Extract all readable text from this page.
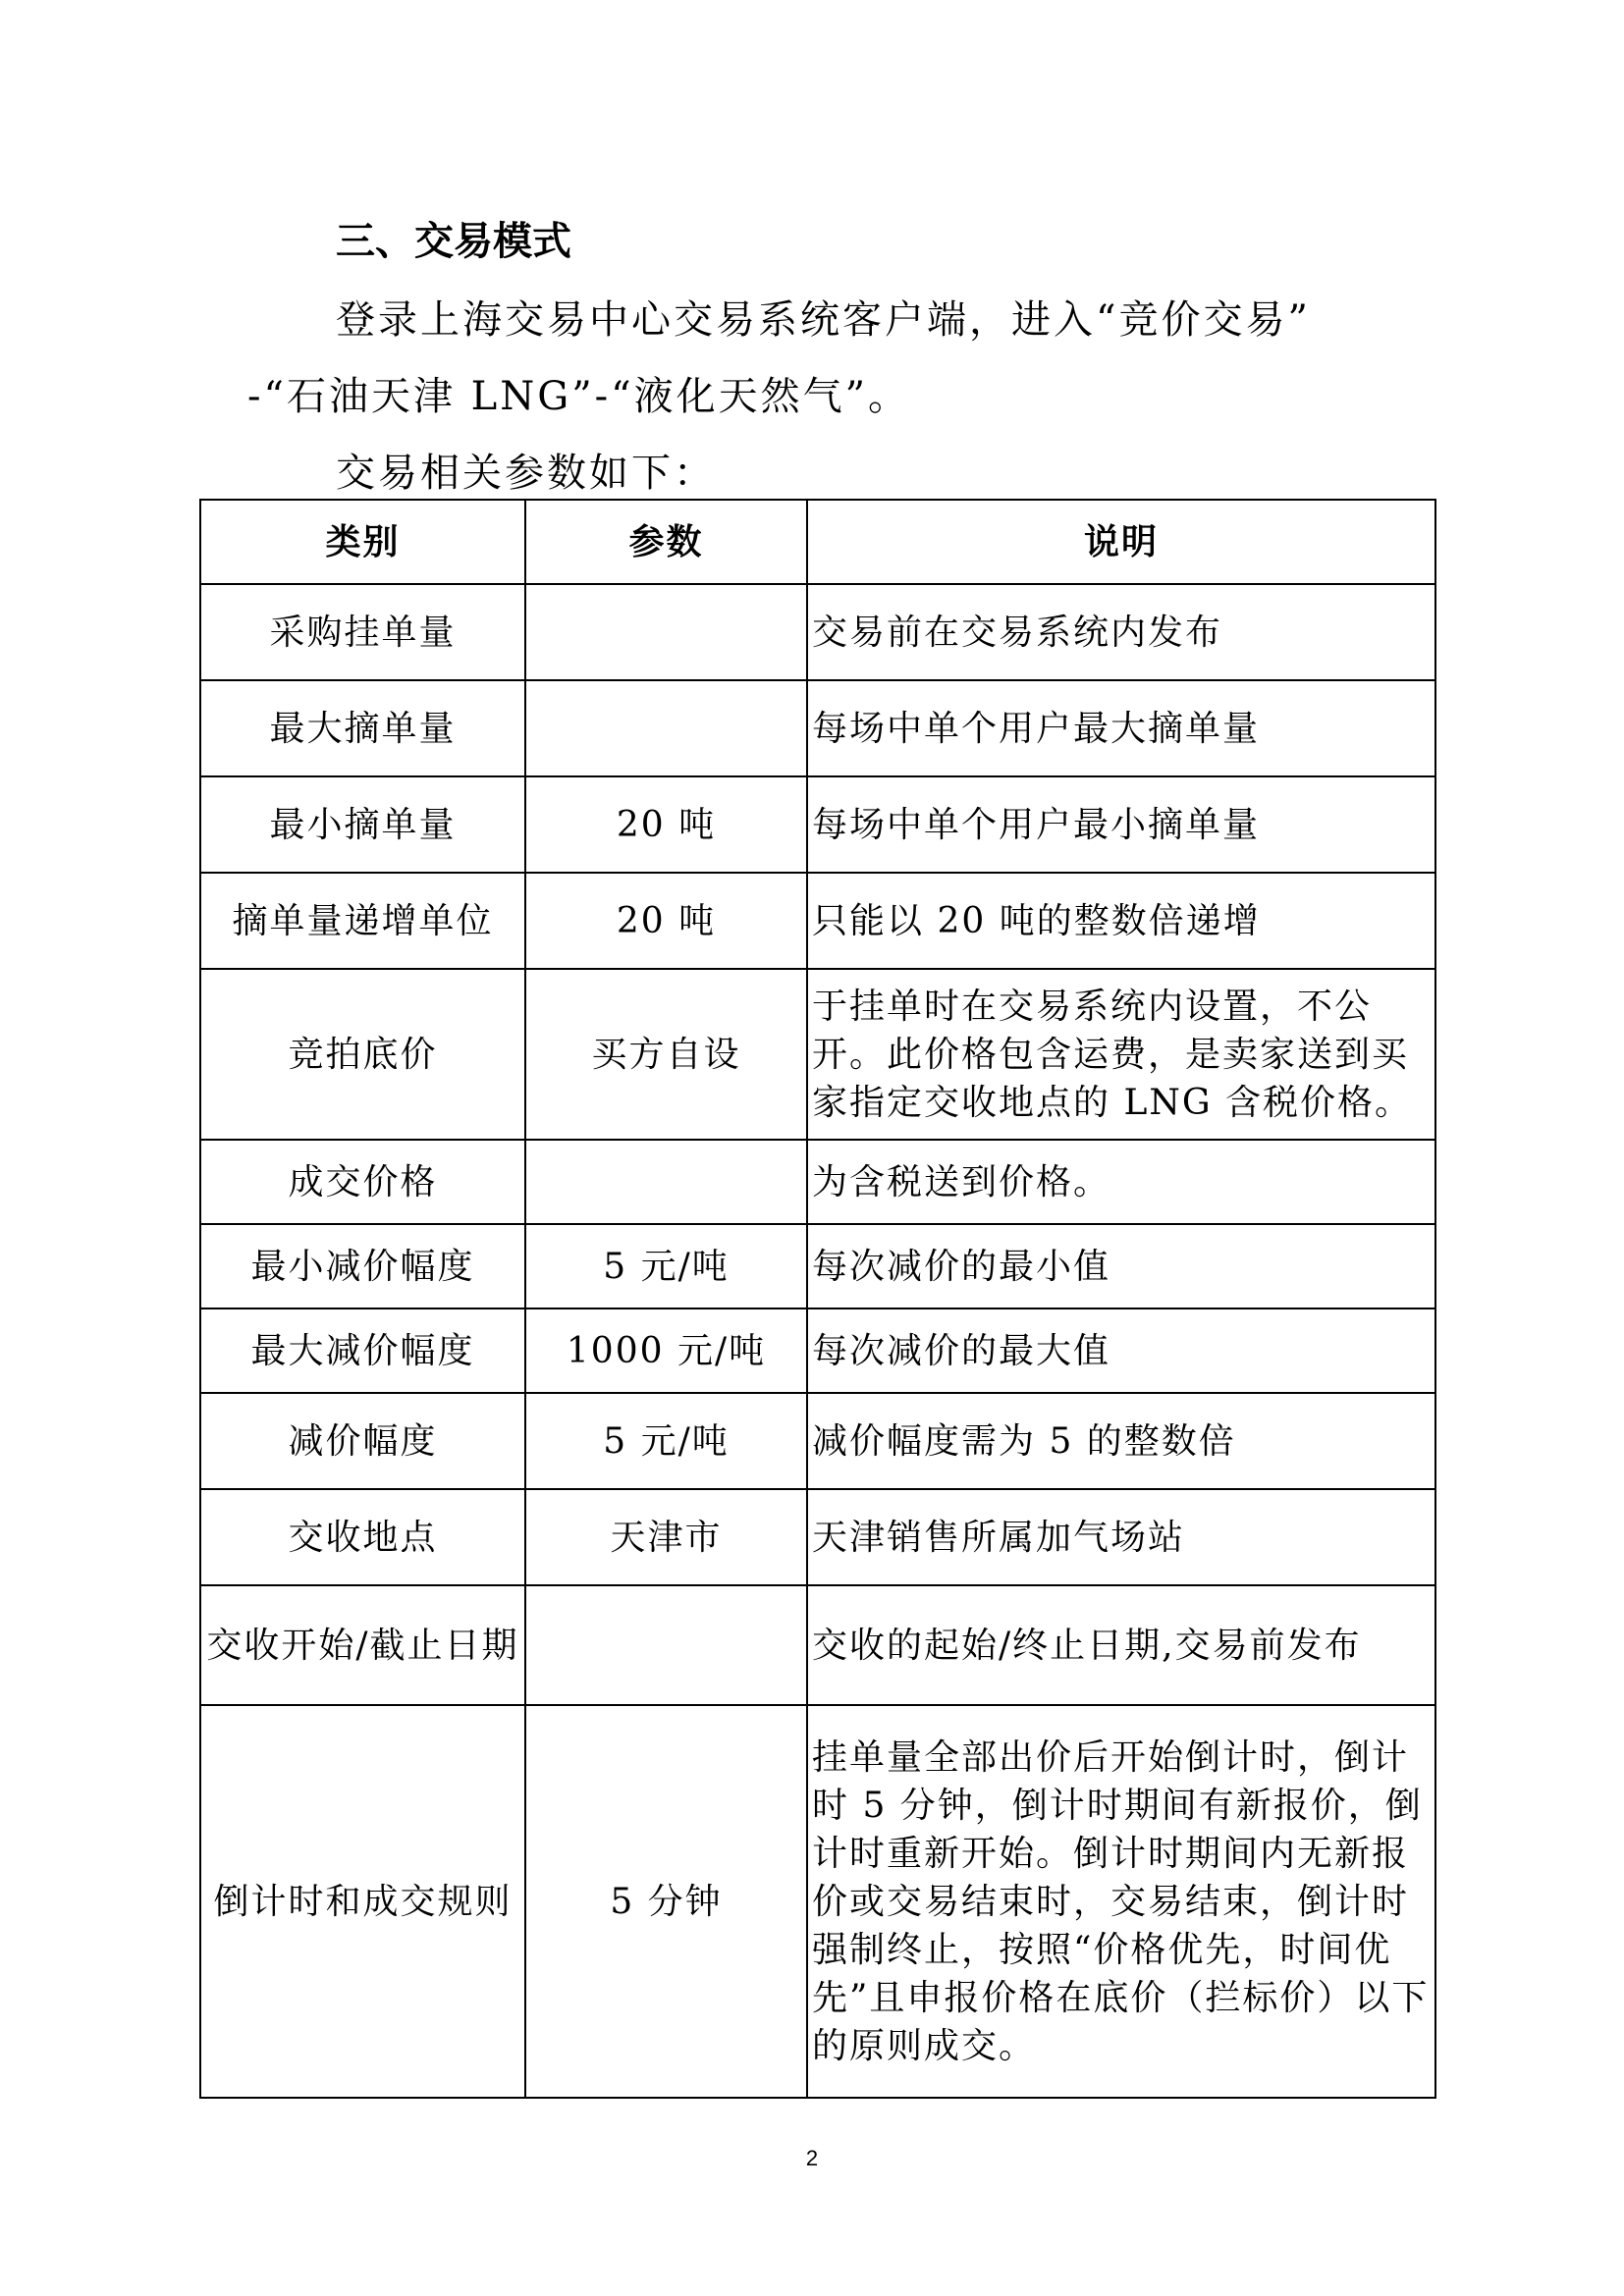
三、交易模式
登录上海交易中心交易系统客户端，进入“竞价交易”
-“石油天津 LNG”-“液化天然气”。
交易相关参数如下：
类别	参数	说明
采购挂单量		交易前在交易系统内发布
最大摘单量		每场中单个用户最大摘单量
最小摘单量	20 吨	每场中单个用户最小摘单量
摘单量递增单位	20 吨	只能以 20 吨的整数倍递增
竞拍底价	买方自设	于挂单时在交易系统内设置，不公开。此价格包含运费，是卖家送到买家指定交收地点的 LNG 含税价格。
成交价格		为含税送到价格。
最小减价幅度	5 元/吨	每次减价的最小值
最大减价幅度	1000 元/吨	每次减价的最大值
减价幅度	5 元/吨	减价幅度需为 5 的整数倍
交收地点	天津市	天津销售所属加气场站
交收开始/截止日期		交收的起始/终止日期,交易前发布
倒计时和成交规则	5 分钟	挂单量全部出价后开始倒计时，倒计时 5 分钟，倒计时期间有新报价，倒计时重新开始。倒计时期间内无新报价或交易结束时，交易结束，倒计时强制终止，按照“价格优先，时间优先”且申报价格在底价（拦标价）以下的原则成交。
2
